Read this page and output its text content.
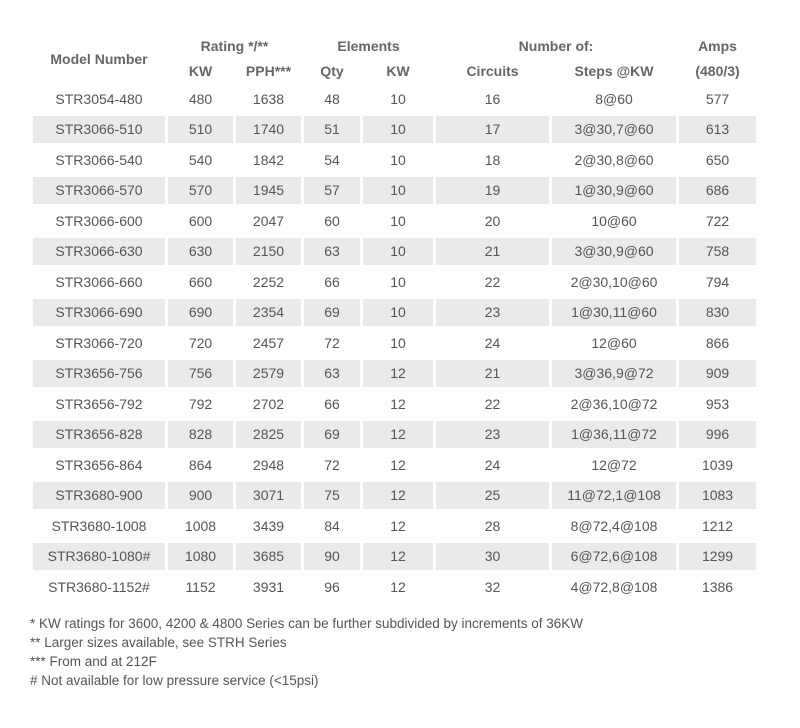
Model Number	Rating */**		Elements		Number of:		Amps
	KW	PPH***	Qty	KW	Circuits	Steps @KW	(480/3)
STR3054-480	480	1638	48	10	16	8@60	577
STR3066-510	510	1740	51	10	17	3@30,7@60	613
STR3066-540	540	1842	54	10	18	2@30,8@60	650
STR3066-570	570	1945	57	10	19	1@30,9@60	686
STR3066-600	600	2047	60	10	20	10@60	722
STR3066-630	630	2150	63	10	21	3@30,9@60	758
STR3066-660	660	2252	66	10	22	2@30,10@60	794
STR3066-690	690	2354	69	10	23	1@30,11@60	830
STR3066-720	720	2457	72	10	24	12@60	866
STR3656-756	756	2579	63	12	21	3@36,9@72	909
STR3656-792	792	2702	66	12	22	2@36,10@72	953
STR3656-828	828	2825	69	12	23	1@36,11@72	996
STR3656-864	864	2948	72	12	24	12@72	1039
STR3680-900	900	3071	75	12	25	11@72,1@108	1083
STR3680-1008	1008	3439	84	12	28	8@72,4@108	1212
STR3680-1080#	1080	3685	90	12	30	6@72,6@108	1299
STR3680-1152#	1152	3931	96	12	32	4@72,8@108	1386
* KW ratings for 3600, 4200 & 4800 Series can be further subdivided by increments of 36KW
** Larger sizes available, see STRH Series
*** From and at 212F
# Not available for low pressure service (<15psi)
